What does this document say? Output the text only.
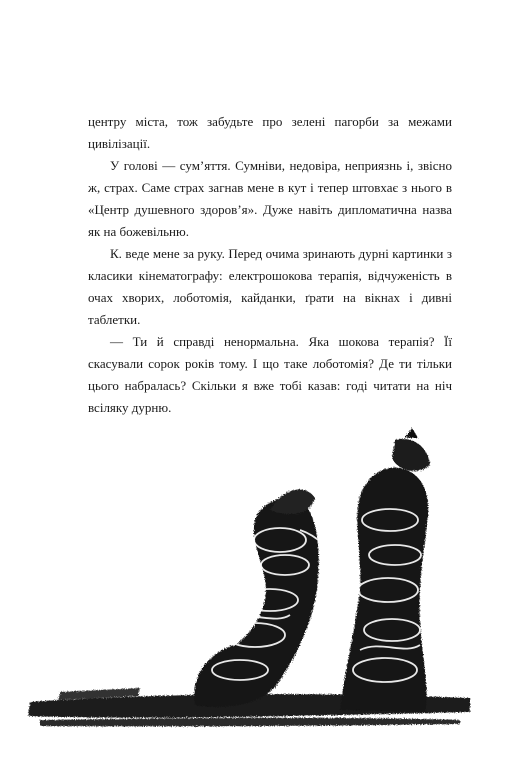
центру міста, тож забудьте про зелені пагорби за межами цивілізації.

У голові — сум’яття. Сумніви, недовіра, неприязнь і, звісно ж, страх. Саме страх загнав мене в кут і тепер штовхає з нього в «Центр душевного здоров’я». Дуже навіть дипломатична назва як на божевільню.

К. веде мене за руку. Перед очима зринають дурні картинки з класики кінематографу: електрошокова терапія, відчуженість в очах хворих, лоботомія, кайданки, ґрати на вікнах і дивні таблетки.

— Ти й справді ненормальна. Яка шокова терапія? Її скасували сорок років тому. І що таке лоботомія? Де ти тільки цього набралась? Скільки я вже тобі казав: годі читати на ніч всіляку дурню.
